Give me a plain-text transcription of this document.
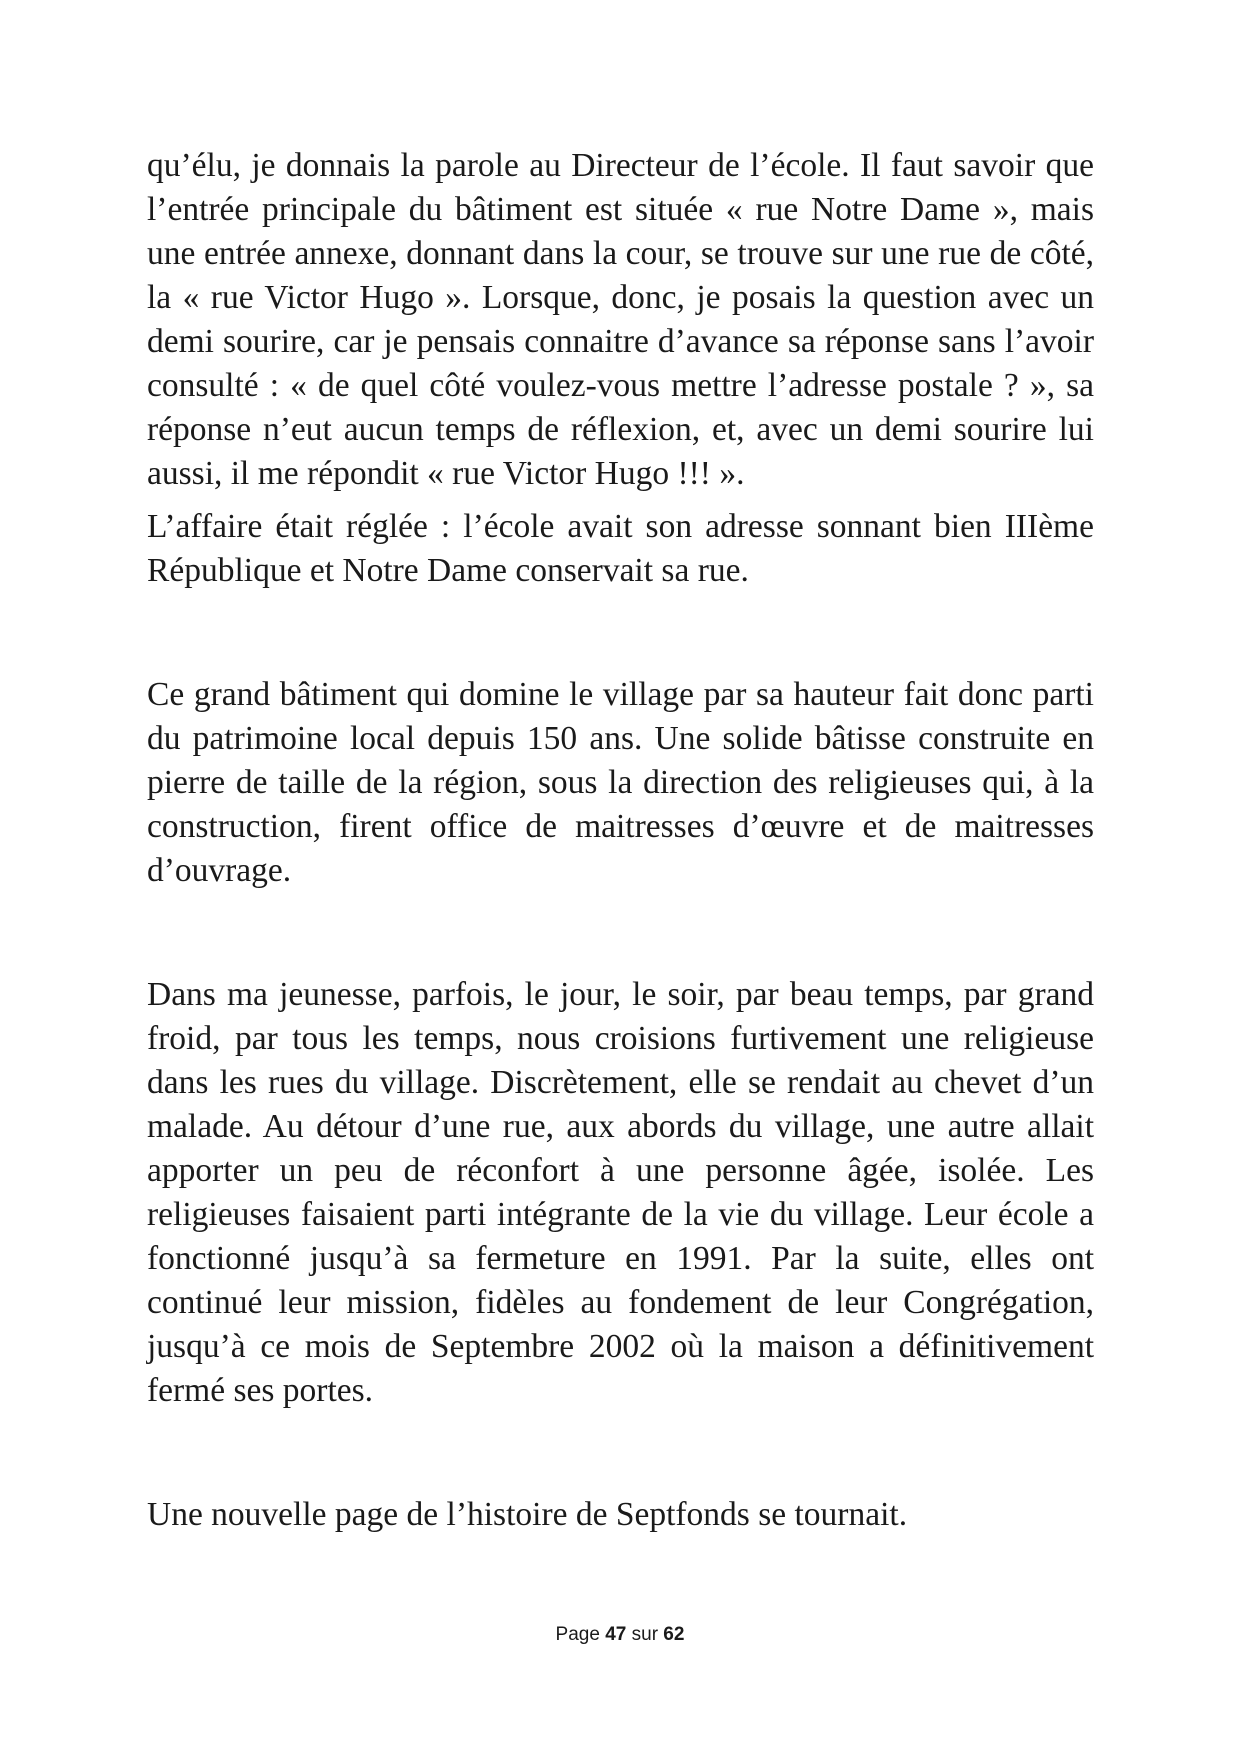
qu’élu, je donnais la parole au Directeur de l’école. Il faut savoir que l’entrée principale du bâtiment est située « rue Notre Dame », mais une entrée annexe, donnant dans la cour, se trouve sur une rue de côté, la « rue Victor Hugo ». Lorsque, donc, je posais la question avec un demi sourire, car je pensais connaitre d’avance sa réponse sans l’avoir consulté : « de quel côté voulez-vous mettre l’adresse postale ? », sa réponse n’eut aucun temps de réflexion, et, avec un demi sourire lui aussi, il me répondit « rue Victor Hugo !!! ».

L’affaire était réglée : l’école avait son adresse sonnant bien IIIème République et Notre Dame conservait sa rue.

Ce grand bâtiment qui domine le village par sa hauteur fait donc parti du patrimoine local depuis 150 ans. Une solide bâtisse construite en pierre de taille de la région, sous la direction des religieuses qui, à la construction, firent office de maitresses d’œuvre et de maitresses d’ouvrage.

Dans ma jeunesse, parfois, le jour, le soir, par beau temps, par grand froid, par tous les temps, nous croisions furtivement une religieuse dans les rues du village. Discrètement, elle se rendait au chevet d’un malade. Au détour d’une rue, aux abords du village, une autre allait apporter un peu de réconfort à une personne âgée, isolée. Les religieuses faisaient parti intégrante de la vie du village. Leur école a fonctionné jusqu’à sa fermeture en 1991. Par la suite, elles ont continué leur mission, fidèles au fondement de leur Congrégation, jusqu’à ce mois de Septembre 2002 où la maison a définitivement fermé ses portes.

Une nouvelle page de l’histoire de Septfonds se tournait.

Page 47 sur 62
